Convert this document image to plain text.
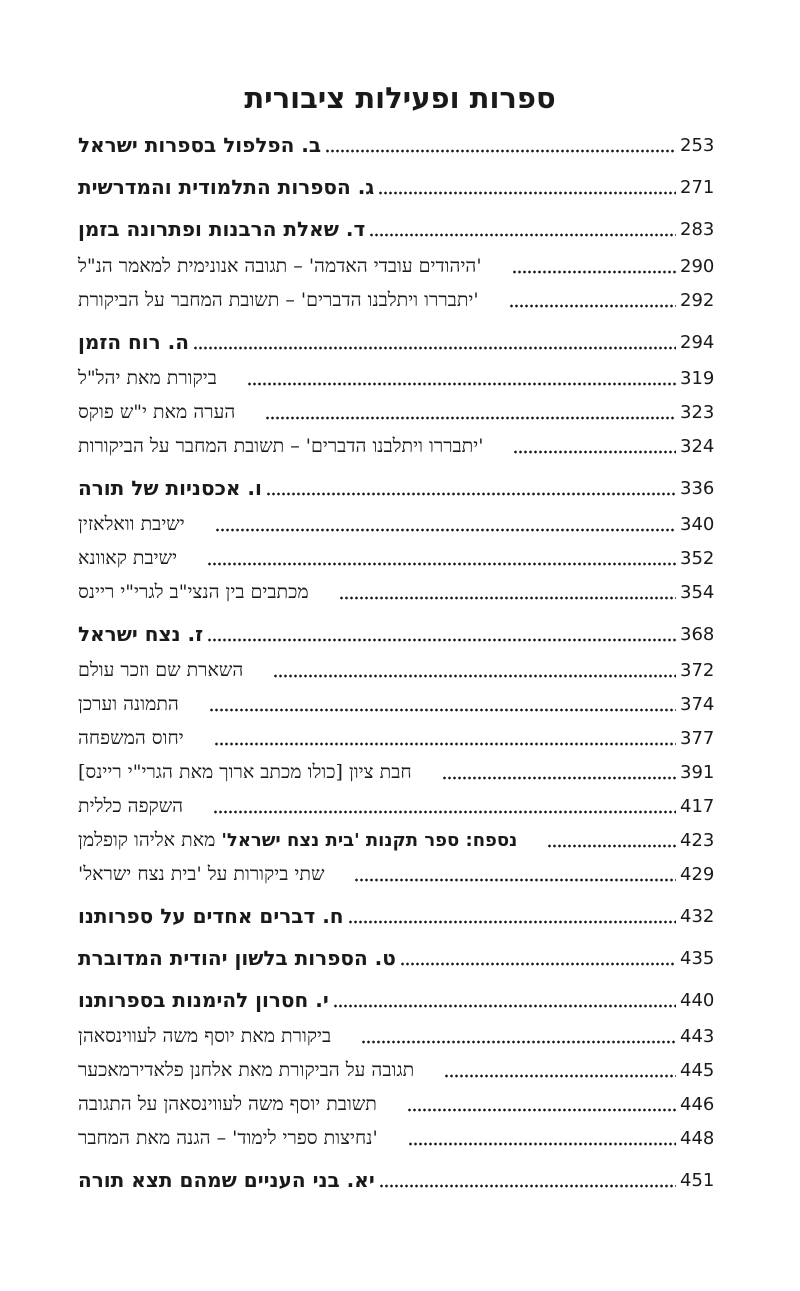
ספרות ופעילות ציבורית
ב. הפלפול בספרות ישראל	253
ג. הספרות התלמודית והמדרשית	271
ד. שאלת הרבנות ופתרונה בזמן	283
'היהודים עובדי האדמה' – תגובה אנונימית למאמר הנ"ל	290
'יתבררו ויתלבנו הדברים' – תשובת המחבר על הביקורת	292
ה. רוח הזמן	294
ביקורת מאת יהל"ל	319
הערה מאת י"ש פוקס	323
'יתבררו ויתלבנו הדברים' – תשובת המחבר על הביקורות	324
ו. אכסניות של תורה	336
ישיבת וואלאזין	340
ישיבת קאוונא	352
מכתבים בין הנצי"ב לגרי"י ריינס	354
ז. נצח ישראל	368
השארת שם וזכר עולם	372
התמונה וערכן	374
יחוס המשפחה	377
חבת ציון [כולו מכתב ארוך מאת הגרי"י ריינס]	391
השקפה כללית	417
נספח: ספר תקנות 'בית נצח ישראל' מאת אליהו קופלמן	423
שתי ביקורות על 'בית נצח ישראל'	429
ח. דברים אחדים על ספרותנו	432
ט. הספרות בלשון יהודית המדוברת	435
י. חסרון להימנות בספרותנו	440
ביקורת מאת יוסף משה לעווינסאהן	443
תגובה על הביקורת מאת אלחנן פלאדירמאכער	445
תשובת יוסף משה לעווינסאהן על התגובה	446
'נחיצות ספרי לימוד' – הגנה מאת המחבר	448
יא. בני העניים שמהם תצא תורה	451
